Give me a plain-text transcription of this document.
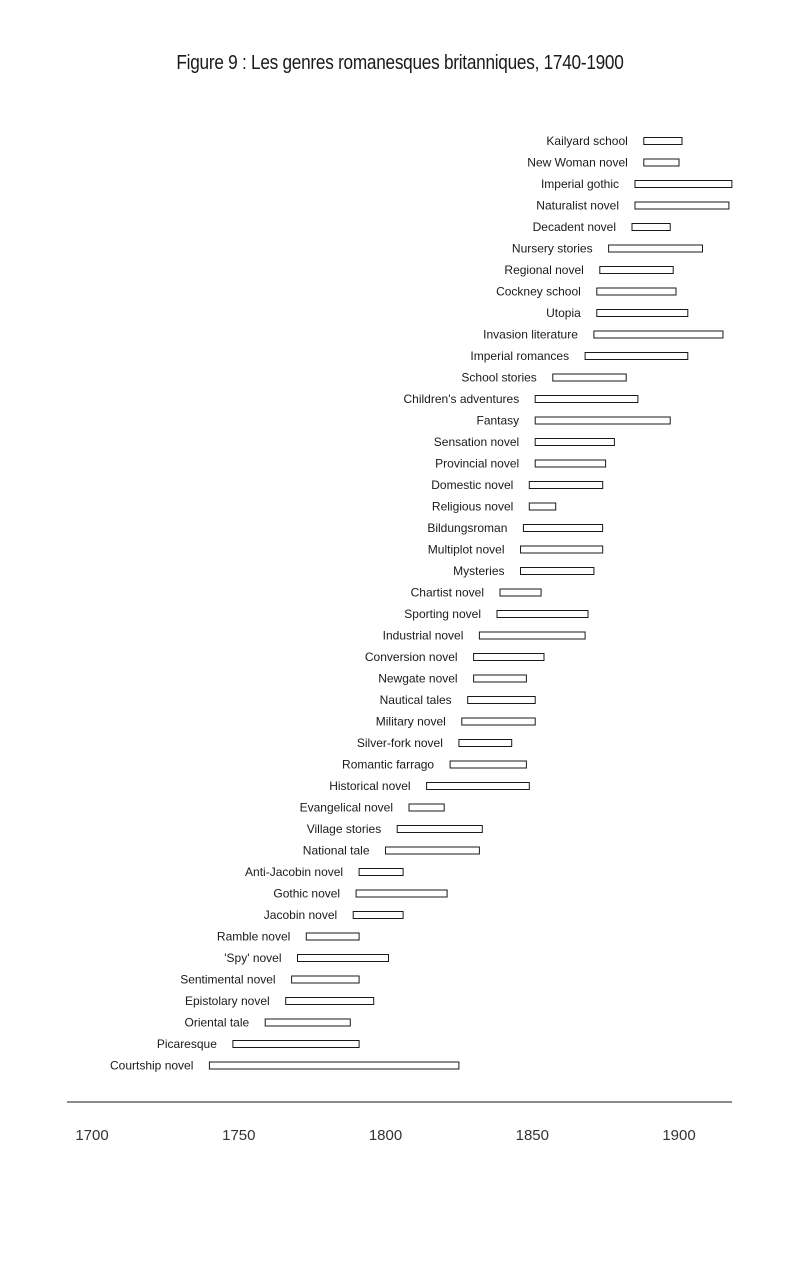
Figure 9 : Les genres romanesques britanniques, 1740-1900
Kailyard school
New Woman novel
Imperial gothic
Naturalist novel
Decadent novel
Nursery stories
Regional novel
Cockney school
Utopia
Invasion literature
Imperial romances
School stories
Children's adventures
Fantasy
Sensation novel
Provincial novel
Domestic novel
Religious novel
Bildungsroman
Multiplot novel
Mysteries
Chartist novel
Sporting novel
Industrial novel
Conversion novel
Newgate novel
Nautical tales
Military novel
Silver-fork novel
Romantic farrago
Historical novel
Evangelical novel
Village stories
National tale
Anti-Jacobin novel
Gothic novel
Jacobin novel
Ramble novel
'Spy' novel
Sentimental novel
Epistolary novel
Oriental tale
Picaresque
Courtship novel
1700	1750	1800	1850	1900
